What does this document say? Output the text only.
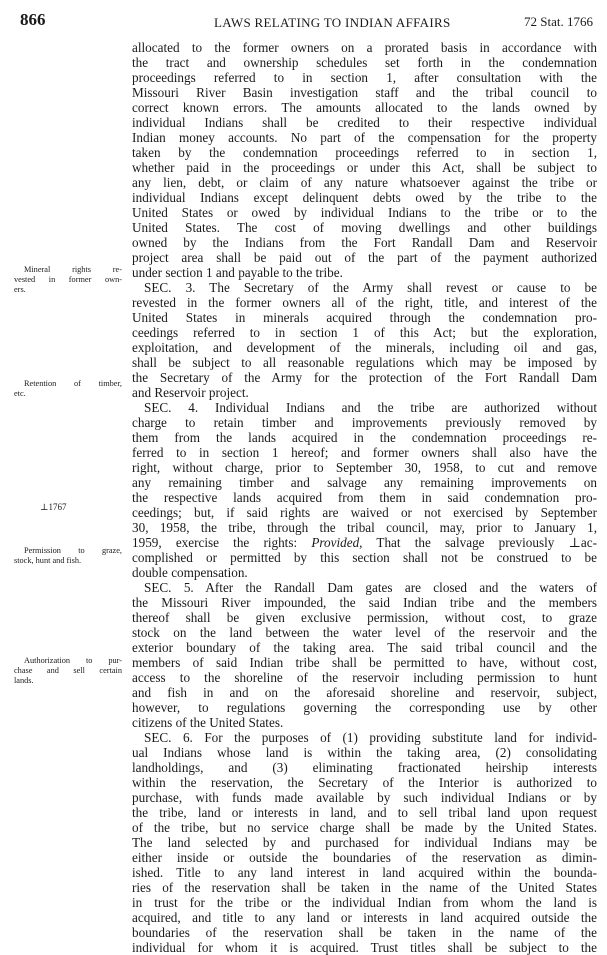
866	LAWS RELATING TO INDIAN AFFAIRS	72 Stat. 1766
Mineral rights re-
vested in former own-
ers.
Retention of timber,
etc.
⊥1767
Permission to graze,
stock, hunt and fish.
Authorization to pur-
chase and sell certain
lands.
allocated to the former owners on a prorated basis in accordance with
the tract and ownership schedules set forth in the condemnation
proceedings referred to in section 1, after consultation with the
Missouri River Basin investigation staff and the tribal council to
correct known errors. The amounts allocated to the lands owned by
individual Indians shall be credited to their respective individual
Indian money accounts. No part of the compensation for the property
taken by the condemnation proceedings referred to in section 1,
whether paid in the proceedings or under this Act, shall be subject to
any lien, debt, or claim of any nature whatsoever against the tribe or
individual Indians except delinquent debts owed by the tribe to the
United States or owed by individual Indians to the tribe or to the
United States. The cost of moving dwellings and other buildings
owned by the Indians from the Fort Randall Dam and Reservoir
project area shall be paid out of the part of the payment authorized
under section 1 and payable to the tribe.
SEC. 3. The Secretary of the Army shall revest or cause to be
revested in the former owners all of the right, title, and interest of the
United States in minerals acquired through the condemnation pro-
ceedings referred to in section 1 of this Act; but the exploration,
exploitation, and development of the minerals, including oil and gas,
shall be subject to all reasonable regulations which may be imposed by
the Secretary of the Army for the protection of the Fort Randall Dam
and Reservoir project.
SEC. 4. Individual Indians and the tribe are authorized without
charge to retain timber and improvements previously removed by
them from the lands acquired in the condemnation proceedings re-
ferred to in section 1 hereof; and former owners shall also have the
right, without charge, prior to September 30, 1958, to cut and remove
any remaining timber and salvage any remaining improvements on
the respective lands acquired from them in said condemnation pro-
ceedings; but, if said rights are waived or not exercised by September
30, 1958, the tribe, through the tribal council, may, prior to January 1,
1959, exercise the rights: Provided, That the salvage previously ⊥ac-
complished or permitted by this section shall not be construed to be
double compensation.
SEC. 5. After the Randall Dam gates are closed and the waters of
the Missouri River impounded, the said Indian tribe and the members
thereof shall be given exclusive permission, without cost, to graze
stock on the land between the water level of the reservoir and the
exterior boundary of the taking area. The said tribal council and the
members of said Indian tribe shall be permitted to have, without cost,
access to the shoreline of the reservoir including permission to hunt
and fish in and on the aforesaid shoreline and reservoir, subject,
however, to regulations governing the corresponding use by other
citizens of the United States.
SEC. 6. For the purposes of (1) providing substitute land for individ-
ual Indians whose land is within the taking area, (2) consolidating
landholdings, and (3) eliminating fractionated heirship interests
within the reservation, the Secretary of the Interior is authorized to
purchase, with funds made available by such individual Indians or by
the tribe, land or interests in land, and to sell tribal land upon request
of the tribe, but no service charge shall be made by the United States.
The land selected by and purchased for individual Indians may be
either inside or outside the boundaries of the reservation as dimin-
ished. Title to any land interest in land acquired within the bounda-
ries of the reservation shall be taken in the name of the United States
in trust for the tribe or the individual Indian from whom the land is
acquired, and title to any land or interests in land acquired outside the
boundaries of the reservation shall be taken in the name of the
individual for whom it is acquired. Trust titles shall be subject to the
